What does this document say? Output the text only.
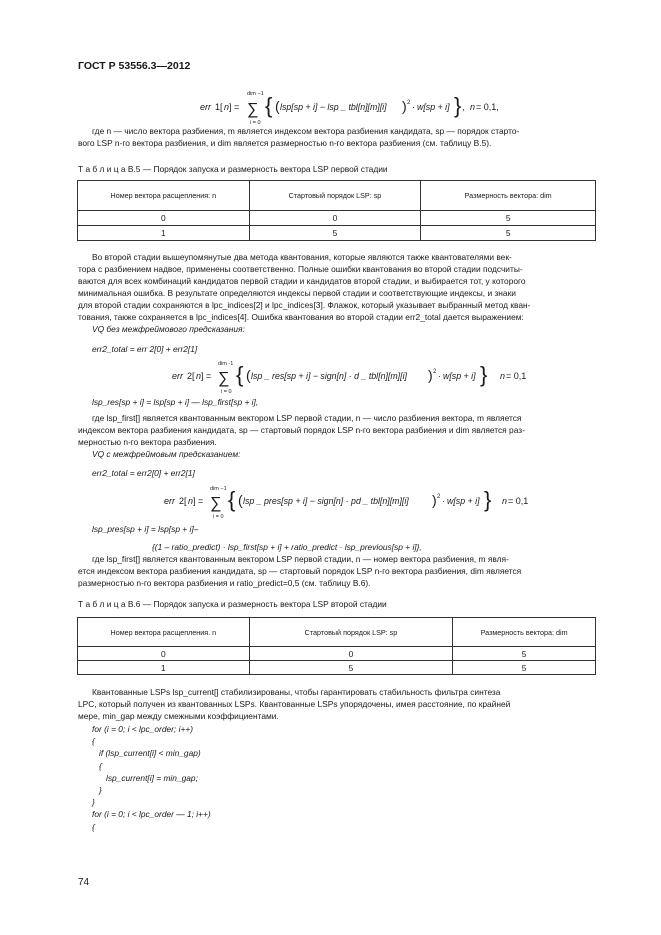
ГОСТ Р 53556.3—2012
err 1[ n ] =
dim −1
∑
i = 0
{ ( lsp[sp + i] − lsp _ tbl[n][m][i] ) 2 · w[sp + i] } , n = 0,1,
где n — число вектора разбиения, m является индексом вектора разбиения кандидата, sp — порядок старто-
вого LSP n-го вектора разбиения, и dim является размерностью n-го вектора разбиения (см. таблицу В.5).
Т а б л и ц а В.5 — Порядок запуска и размерность вектора LSP первой стадии
Номер вектора расщепления: n	Стартовый порядок LSP: sp	Размерность вектора: dim
0	0	5
1	5	5
Во второй стадии вышеупомянутые два метода квантования, которые являются также квантователями век-
тора с разбиением надвое, применены соответственно. Полные ошибки квантования во второй стадии подсчиты-
ваются для всех комбинаций кандидатов первой стадии и кандидатов второй стадии, и выбирается тот, у которого
минимальная ошибка. В результате определяются индексы первой стадии и соответствующие индексы, и знаки
для второй стадии сохраняются в lpc_indices[2] и lpc_indices[3]. Флажок, который указывает выбранный метод кван-
тования, также сохраняется в lpc_indices[4]. Ошибка квантования во второй стадии err2_total дается выражением:
VQ без межфреймового предсказания:
err2_total = err 2[0] + err2[1]
err 2[ n ] =
dim -1
∑
i = 0
{ ( lsp _ res[sp + i] − sign[n] · d _ tbl[n][m][i] ) 2 · w[sp + i] } n = 0,1
lsp_res[sp + i] = lsp[sp + i] — lsp_first[sp + i],
где lsp_first[] является квантованным вектором LSP первой стадии, n — число разбиения вектора, m является
индексом вектора разбиения кандидата, sp — стартовый порядок LSP n-го вектора разбиения и dim является раз-
мерностью n-го вектора разбиения.
VQ с межфреймовым предсказанием:
err2_total = err2[0] + err2[1]
err 2[ n ] =
dim −1
∑
i = 0
{ ( lsp _ pres[sp + i] − sign[n] · pd _ tbl[n][m][i] ) 2 · w[sp + i] } n = 0,1
lsp_pres[sp + i] = lsp[sp + i]–
{(1 – ratio_predict) · lsp_first[sp + i] + ratio_predict · lsp_previous[sp + i]},
где lsp_first[] является квантованным вектором LSP первой стадии, n — номер вектора разбиения, m явля-
ется индексом вектора разбиения кандидата, sp — стартовый порядок LSP n-го вектора разбиения, dim является
размерностью n-го вектора разбиения и ratio_predict=0,5 (см. таблицу В.6).
Т а б л и ц а В.6 — Порядок запуска и размерность вектора LSP второй стадии
Номер вектора расщепления. n	Стартовый порядок LSP: sp	Размерность вектора: dim
0	0	5
1	5	5
Квантованные LSPs lsp_current[] стабилизированы, чтобы гарантировать стабильность фильтра синтеза
LPC, который получен из квантованных LSPs. Квантованные LSPs упорядочены, имея расстояние, по крайней
мере, min_gap между смежными коэффициентами.
for (i = 0; i < lpc_order; i++)
{
if (lsp_current[i] < min_gap)
{
lsp_current[i] = min_gap;
}
}
for (i = 0; i < lpc_order — 1; i++)
{
74
